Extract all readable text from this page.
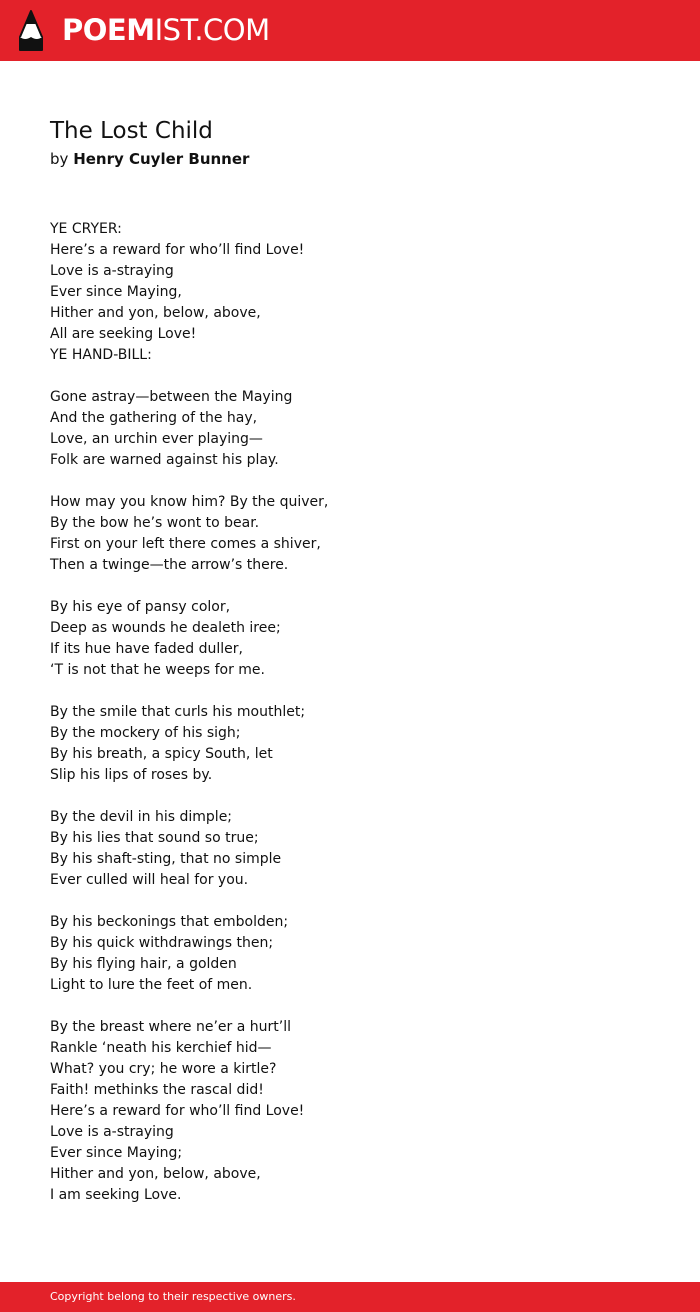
POEMIST.COM
The Lost Child
by Henry Cuyler Bunner
YE CRYER:
Here’s a reward for who’ll find Love!
Love is a-straying
Ever since Maying,
Hither and yon, below, above,
All are seeking Love!
YE HAND-BILL:
Gone astray—between the Maying
And the gathering of the hay,
Love, an urchin ever playing—
Folk are warned against his play.
How may you know him? By the quiver,
By the bow he’s wont to bear.
First on your left there comes a shiver,
Then a twinge—the arrow’s there.
By his eye of pansy color,
Deep as wounds he dealeth iree;
If its hue have faded duller,
‘T is not that he weeps for me.
By the smile that curls his mouthlet;
By the mockery of his sigh;
By his breath, a spicy South, let
Slip his lips of roses by.
By the devil in his dimple;
By his lies that sound so true;
By his shaft-sting, that no simple
Ever culled will heal for you.
By his beckonings that embolden;
By his quick withdrawings then;
By his flying hair, a golden
Light to lure the feet of men.
By the breast where ne’er a hurt’ll
Rankle ‘neath his kerchief hid—
What? you cry; he wore a kirtle?
Faith! methinks the rascal did!
Here’s a reward for who’ll find Love!
Love is a-straying
Ever since Maying;
Hither and yon, below, above,
I am seeking Love.
Copyright belong to their respective owners.
